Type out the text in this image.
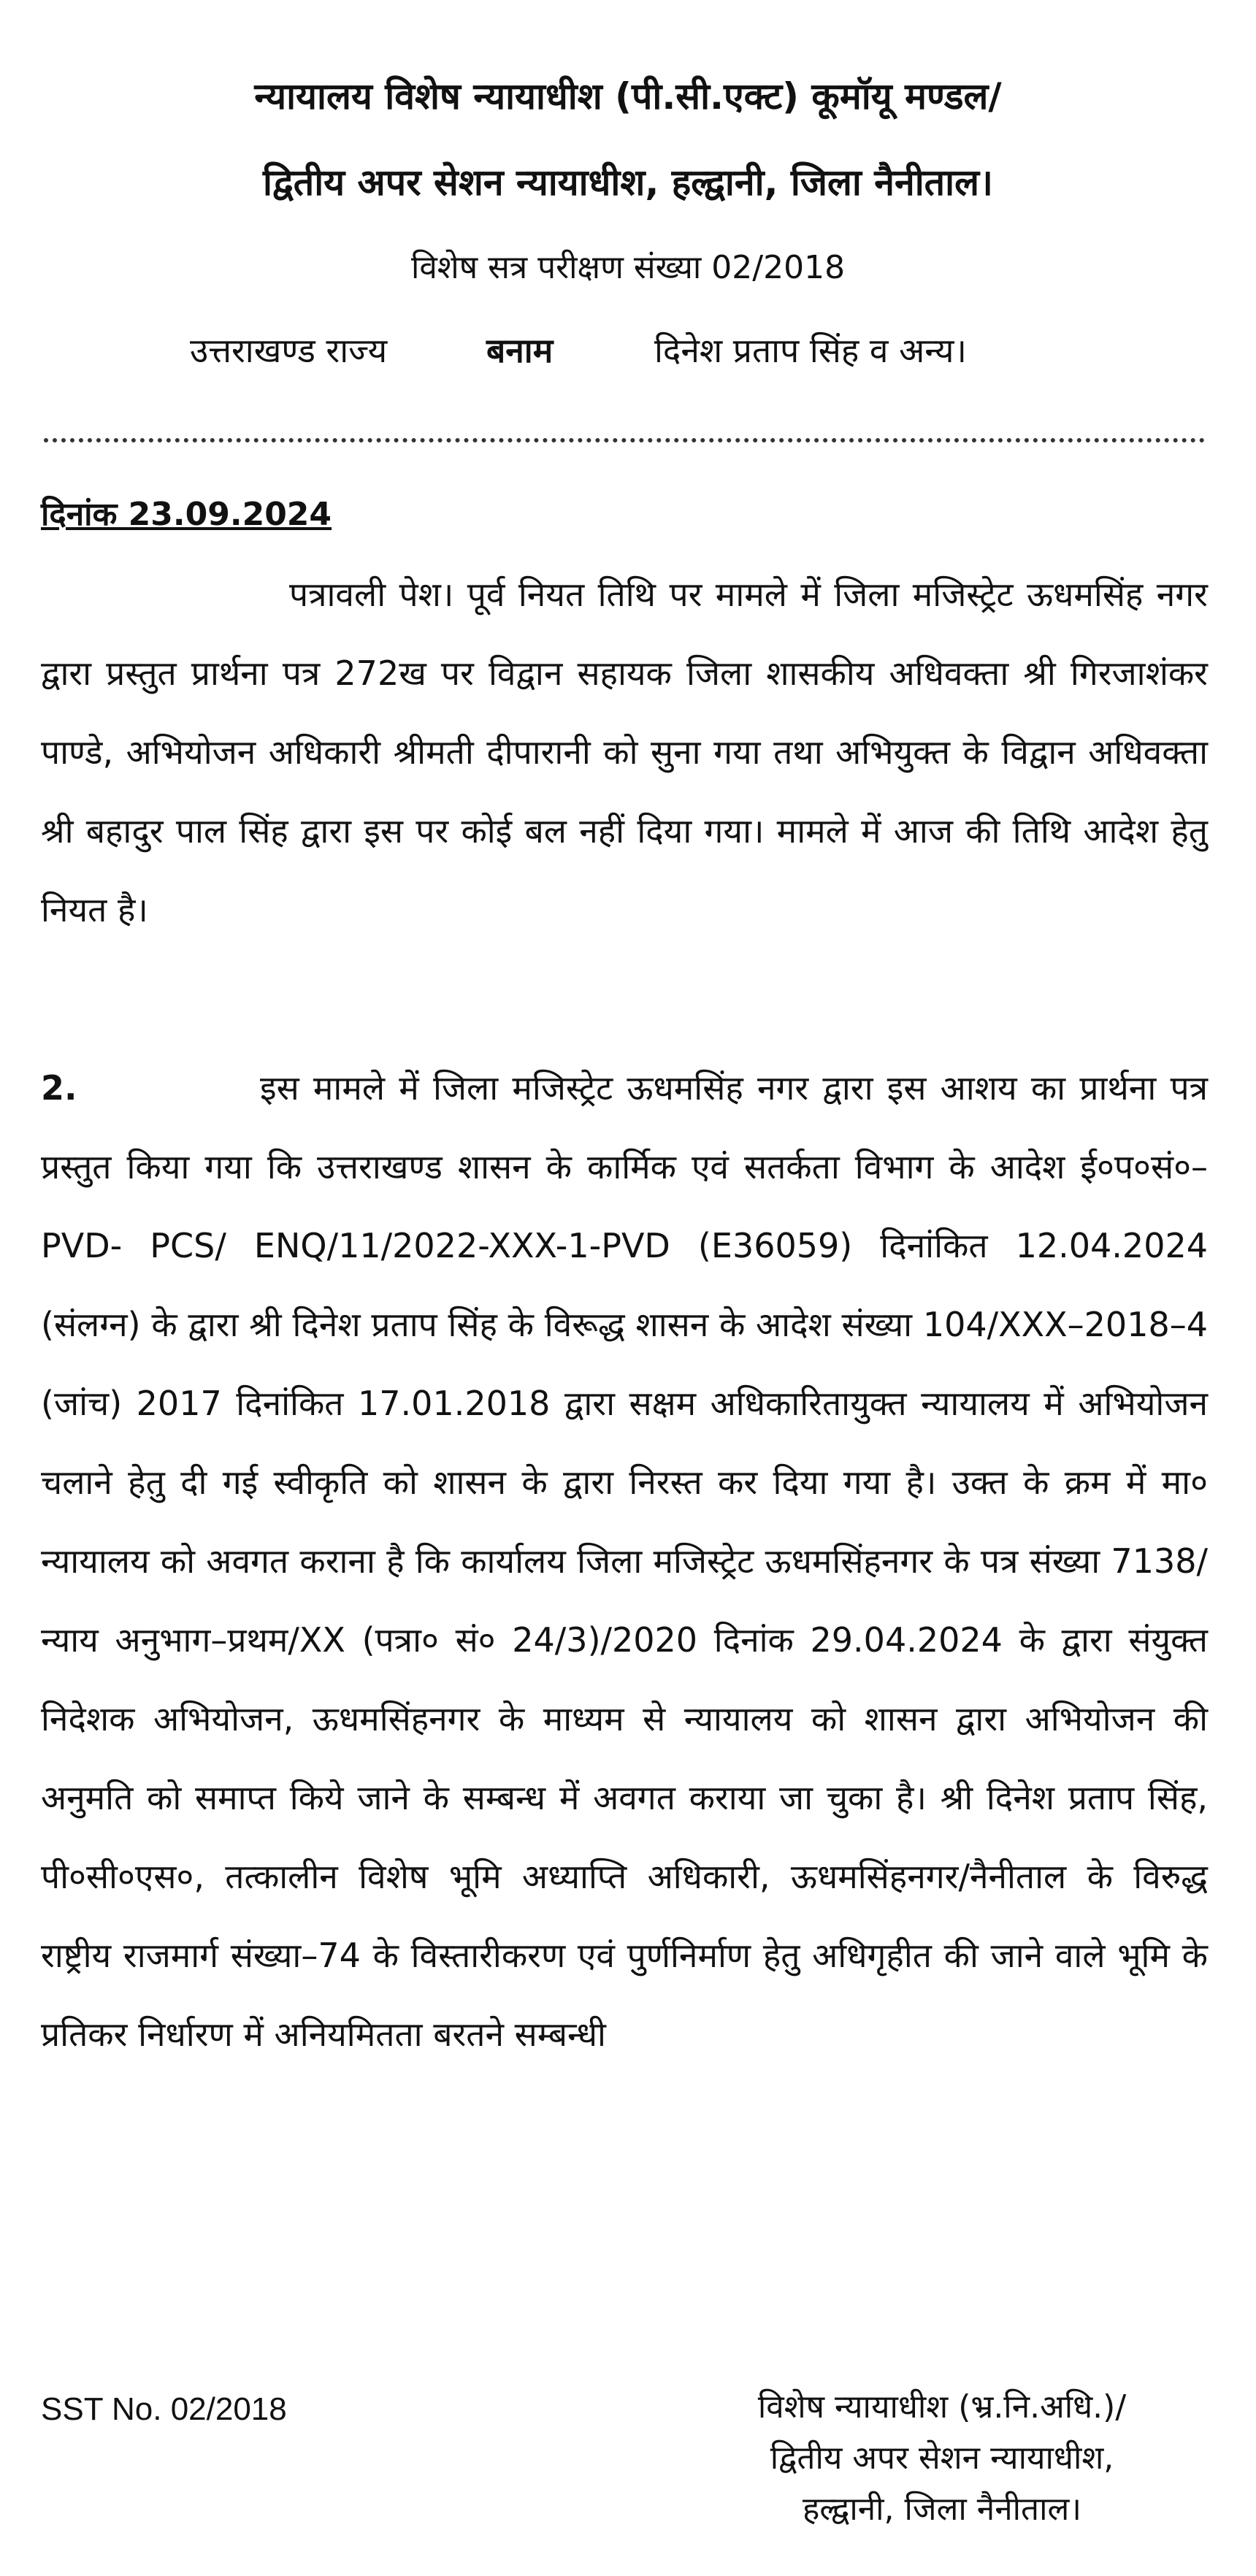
न्यायालय विशेष न्यायाधीश (पी.सी.एक्ट) कूमॉयू मण्डल/
द्वितीय अपर सेशन न्यायाधीश, हल्द्वानी, जिला नैनीताल।
विशेष सत्र परीक्षण संख्या 02/2018
उत्तराखण्ड राज्य	बनाम	दिनेश प्रताप सिंह व अन्य।
दिनांक 23.09.2024

पत्रावली पेश। पूर्व नियत तिथि पर मामले में जिला मजिस्ट्रेट ऊधमसिंह नगर द्वारा प्रस्तुत प्रार्थना पत्र 272ख पर विद्वान सहायक जिला शासकीय अधिवक्ता श्री गिरजाशंकर पाण्डे, अभियोजन अधिकारी श्रीमती दीपारानी को सुना गया तथा अभियुक्त के विद्वान अधिवक्ता श्री बहादुर पाल सिंह द्वारा इस पर कोई बल नहीं दिया गया। मामले में आज की तिथि आदेश हेतु नियत है।

2.	इस मामले में जिला मजिस्ट्रेट ऊधमसिंह नगर द्वारा इस आशय का प्रार्थना पत्र प्रस्तुत किया गया कि उत्तराखण्ड शासन के कार्मिक एवं सतर्कता विभाग के आदेश ई०प०सं०–PVD- PCS/ ENQ/11/2022-XXX-1-PVD (E36059) दिनांकित 12.04.2024 (संलग्न) के द्वारा श्री दिनेश प्रताप सिंह के विरूद्ध शासन के आदेश संख्या 104/XXX–2018–4 (जांच) 2017 दिनांकित 17.01.2018 द्वारा सक्षम अधिकारितायुक्त न्यायालय में अभियोजन चलाने हेतु दी गई स्वीकृति को शासन के द्वारा निरस्त कर दिया गया है। उक्त के क्रम में मा० न्यायालय को अवगत कराना है कि कार्यालय जिला मजिस्ट्रेट ऊधमसिंहनगर के पत्र संख्या 7138/न्याय अनुभाग–प्रथम/XX (पत्रा० सं० 24/3)/2020 दिनांक 29.04.2024 के द्वारा संयुक्त निदेशक अभियोजन, ऊधमसिंहनगर के माध्यम से न्यायालय को शासन द्वारा अभियोजन की अनुमति को समाप्त किये जाने के सम्बन्ध में अवगत कराया जा चुका है। श्री दिनेश प्रताप सिंह, पी०सी०एस०, तत्कालीन विशेष भूमि अध्याप्ति अधिकारी, ऊधमसिंहनगर/नैनीताल के विरुद्ध राष्ट्रीय राजमार्ग संख्या–74 के विस्तारीकरण एवं पुर्णनिर्माण हेतु अधिगृहीत की जाने वाले भूमि के प्रतिकर निर्धारण में अनियमितता बरतने सम्बन्धी

SST No. 02/2018	विशेष न्यायाधीश (भ्र.नि.अधि.)/
द्वितीय अपर सेशन न्यायाधीश,
हल्द्वानी, जिला नैनीताल।
